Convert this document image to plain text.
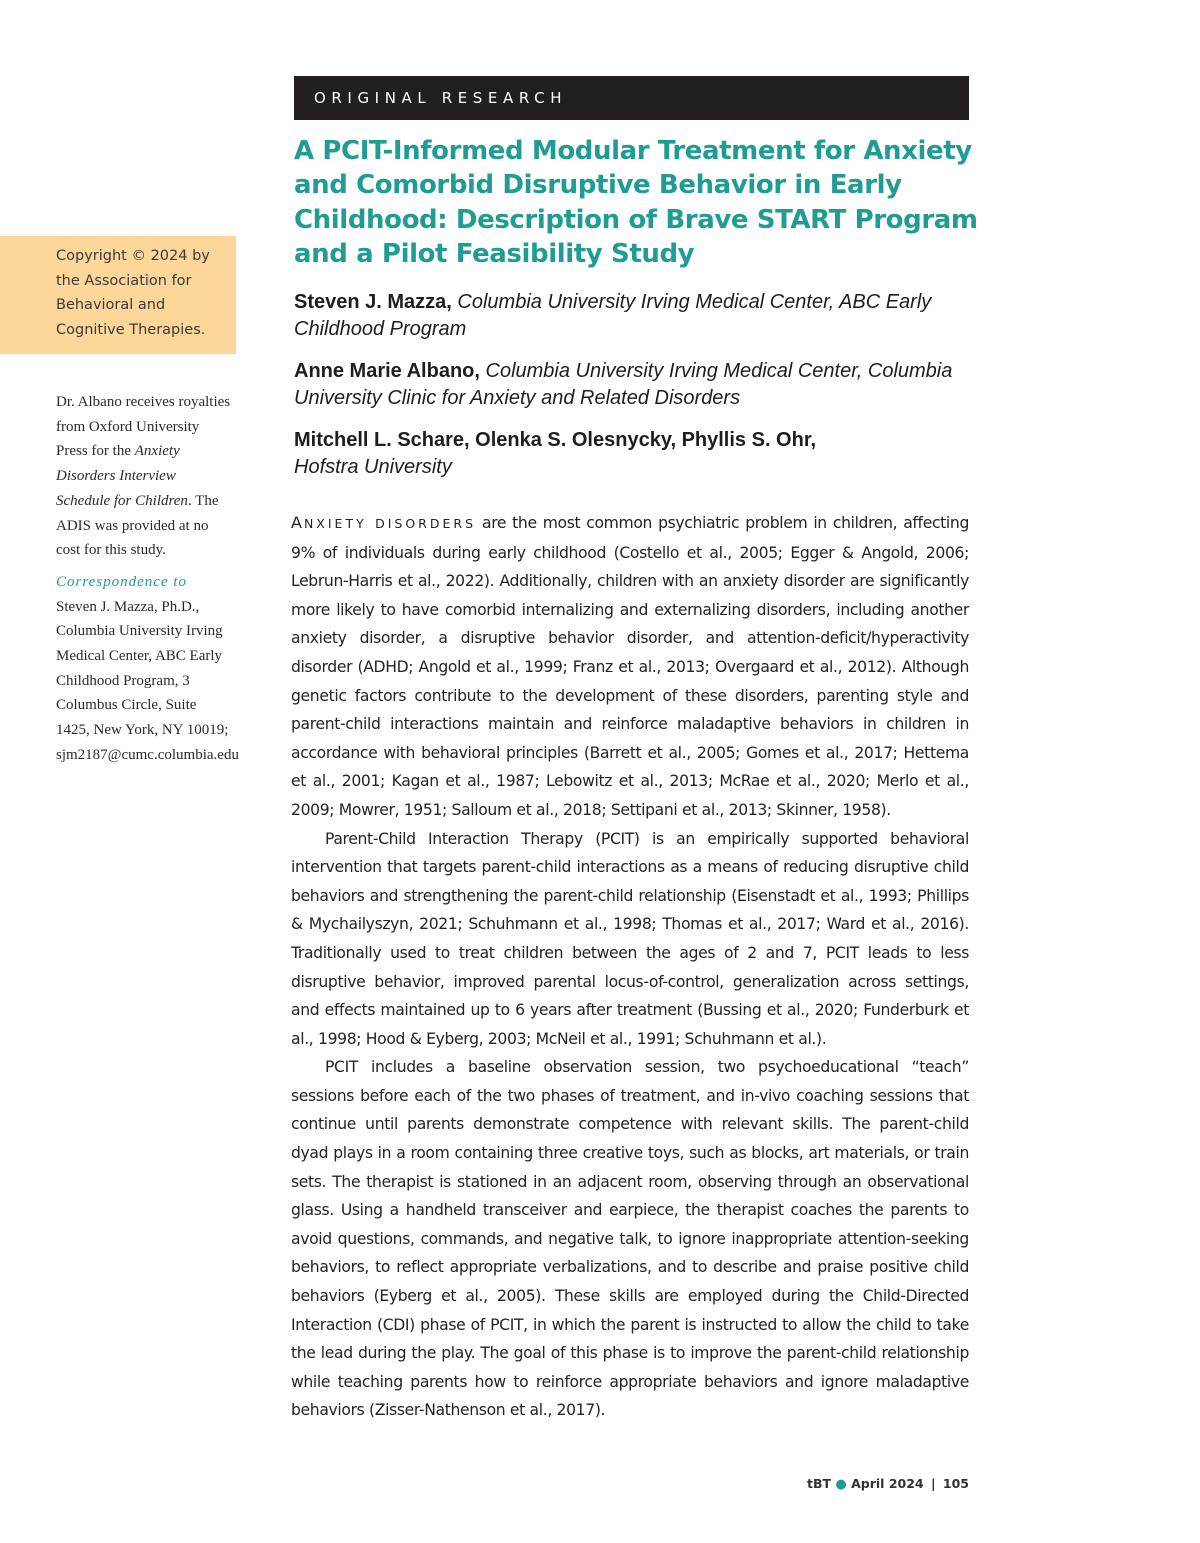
Copyright © 2024 by the Association for Behavioral and Cognitive Therapies.

Dr. Albano receives royalties from Oxford University Press for the Anxiety Disorders Interview Schedule for Children. The ADIS was provided at no cost for this study.

Correspondence to

Steven J. Mazza, Ph.D., Columbia University Irving Medical Center, ABC Early Childhood Program, 3 Columbus Circle, Suite 1425, New York, NY 10019; sjm2187@cumc.columbia.edu

ORIGINAL RESEARCH
A PCIT-Informed Modular Treatment for Anxiety and Comorbid Disruptive Behavior in Early Childhood: Description of Brave START Program and a Pilot Feasibility Study

Steven J. Mazza, Columbia University Irving Medical Center, ABC Early Childhood Program

Anne Marie Albano, Columbia University Irving Medical Center, Columbia University Clinic for Anxiety and Related Disorders

Mitchell L. Schare, Olenka S. Olesnycky, Phyllis S. Ohr,
Hofstra University

ANXIETY DISORDERS are the most common psychiatric problem in children, affecting 9% of individuals during early childhood (Costello et al., 2005; Egger & Angold, 2006; Lebrun-Harris et al., 2022). Additionally, children with an anxiety disorder are significantly more likely to have comorbid internalizing and externalizing disorders, including another anxiety disorder, a disruptive behavior disorder, and attention-deficit/hyperactivity disorder (ADHD; Angold et al., 1999; Franz et al., 2013; Overgaard et al., 2012). Although genetic factors contribute to the development of these disorders, parenting style and parent-child interactions maintain and reinforce maladaptive behaviors in children in accordance with behavioral principles (Barrett et al., 2005; Gomes et al., 2017; Hettema et al., 2001; Kagan et al., 1987; Lebowitz et al., 2013; McRae et al., 2020; Merlo et al., 2009; Mowrer, 1951; Salloum et al., 2018; Settipani et al., 2013; Skinner, 1958).

Parent-Child Interaction Therapy (PCIT) is an empirically supported behavioral intervention that targets parent-child interactions as a means of reducing disruptive child behaviors and strengthening the parent-child relationship (Eisenstadt et al., 1993; Phillips & Mychailyszyn, 2021; Schuhmann et al., 1998; Thomas et al., 2017; Ward et al., 2016). Traditionally used to treat children between the ages of 2 and 7, PCIT leads to less disruptive behavior, improved parental locus-of-control, generalization across settings, and effects maintained up to 6 years after treatment (Bussing et al., 2020; Funderburk et al., 1998; Hood & Eyberg, 2003; McNeil et al., 1991; Schuhmann et al.).

PCIT includes a baseline observation session, two psychoeducational “teach” sessions before each of the two phases of treatment, and in-vivo coaching sessions that continue until parents demonstrate competence with relevant skills. The parent-child dyad plays in a room containing three creative toys, such as blocks, art materials, or train sets. The therapist is stationed in an adjacent room, observing through an observational glass. Using a handheld transceiver and earpiece, the therapist coaches the parents to avoid questions, commands, and negative talk, to ignore inappropriate attention-seeking behaviors, to reflect appropriate verbalizations, and to describe and praise positive child behaviors (Eyberg et al., 2005). These skills are employed during the Child-Directed Interaction (CDI) phase of PCIT, in which the parent is instructed to allow the child to take the lead during the play. The goal of this phase is to improve the parent-child relationship while teaching parents how to reinforce appropriate behaviors and ignore maladaptive behaviors (Zisser-Nathenson et al., 2017).

tBT ● April 2024 | 105
